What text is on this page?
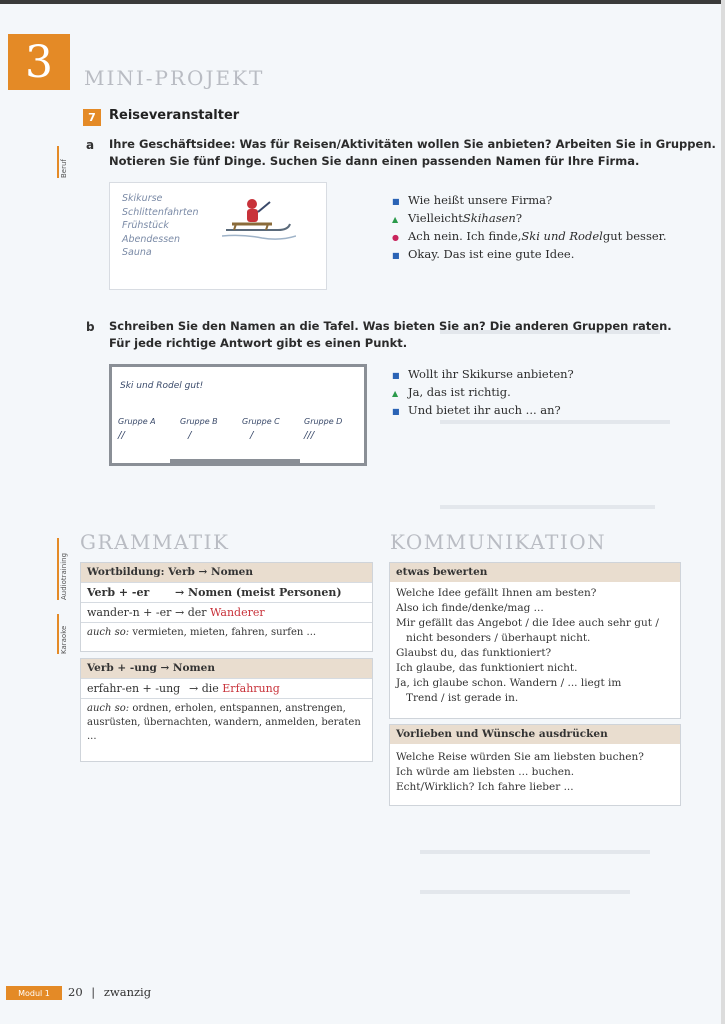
3	MINI-PROJEKT
7	Reiseveranstalter
Beruf
a Ihre Geschäftsidee: Was für Reisen/Aktivitäten wollen Sie anbieten? Arbeiten Sie in Gruppen.
Notieren Sie fünf Dinge. Suchen Sie dann einen passenden Namen für Ihre Firma.
Skikurse
Schlittenfahrten
Frühstück
Abendessen
Sauna
■ Wie heißt unsere Firma?
▲ Vielleicht Skihasen ?
● Ach nein. Ich finde, Ski und Rodel gut besser.
■ Okay. Das ist eine gute Idee.
b Schreiben Sie den Namen an die Tafel. Was bieten Sie an? Die anderen Gruppen raten.
Für jede richtige Antwort gibt es einen Punkt.
Ski und Rodel gut!
Gruppe A
//
Gruppe B
/
Gruppe C
/
Gruppe D
///
■ Wollt ihr Skikurse anbieten?
▲ Ja, das ist richtig.
■ Und bietet ihr auch ... an?
GRAMMATIK
Audiotraining
Karaoke
Wortbildung: Verb → Nomen
Verb + -er → Nomen (meist Personen)
wander-n + -er → der Wanderer
auch so: vermieten, mieten, fahren, surfen ...
Verb + -ung → Nomen
erfahr-en + -ung → die Erfahrung
auch so: ordnen, erholen, entspannen, anstrengen, ausrüsten, übernachten, wandern, anmelden, beraten ...
KOMMUNIKATION
etwas bewerten
Welche Idee gefällt Ihnen am besten?
Also ich finde/denke/mag ...
Mir gefällt das Angebot / die Idee auch sehr gut /
nicht besonders / überhaupt nicht.
Glaubst du, das funktioniert?
Ich glaube, das funktioniert nicht.
Ja, ich glaube schon. Wandern / ... liegt im
Trend / ist gerade in.
Vorlieben und Wünsche ausdrücken
Welche Reise würden Sie am liebsten buchen?
Ich würde am liebsten ... buchen.
Echt/Wirklich? Ich fahre lieber ...
Modul 1	20 | zwanzig
